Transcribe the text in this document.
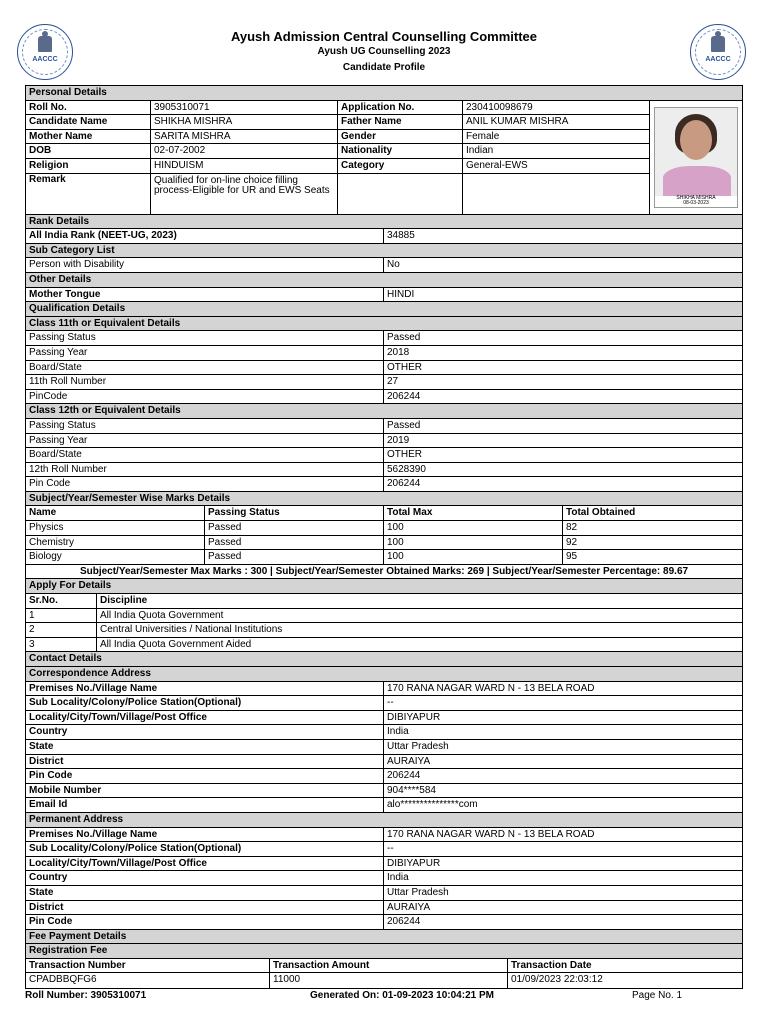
AACCC
Ayush Admission Central Counselling Committee
Ayush UG Counselling 2023
Candidate Profile
AACCC
Personal Details
Roll No.	3905310071	Application No.	230410098679
Candidate Name	SHIKHA MISHRA	Father Name	ANIL KUMAR MISHRA
Mother Name	SARITA MISHRA	Gender	Female
DOB	02-07-2002	Nationality	Indian
Religion	HINDUISM	Category	General-EWS
Remark	Qualified for on-line choice filling process-Eligible for UR and EWS Seats
SHIKHA MISHRA
08-03-2023
Rank Details
All India Rank (NEET-UG, 2023)	34885
Sub Category List
Person with Disability	No
Other Details
Mother Tongue	HINDI
Qualification Details
Class 11th or Equivalent Details
Passing Status	Passed
Passing Year	2018
Board/State	OTHER
11th Roll Number	27
PinCode	206244
Class 12th or Equivalent Details
Passing Status	Passed
Passing Year	2019
Board/State	OTHER
12th Roll Number	5628390
Pin Code	206244
Subject/Year/Semester Wise Marks Details
Name	Passing Status	Total Max	Total Obtained
Physics	Passed	100	82
Chemistry	Passed	100	92
Biology	Passed	100	95
Subject/Year/Semester Max Marks : 300 | Subject/Year/Semester Obtained Marks: 269 | Subject/Year/Semester Percentage: 89.67
Apply For Details
Sr.No.	Discipline
1	All India Quota Government
2	Central Universities / National Institutions
3	All India Quota Government Aided
Contact Details
Correspondence Address
Premises No./Village Name	170 RANA NAGAR WARD N - 13 BELA ROAD
Sub Locality/Colony/Police Station(Optional)	--
Locality/City/Town/Village/Post Office	DIBIYAPUR
Country	India
State	Uttar Pradesh
District	AURAIYA
Pin Code	206244
Mobile Number	904****584
Email Id	alo***************com
Permanent Address
Premises No./Village Name	170 RANA NAGAR WARD N - 13 BELA ROAD
Sub Locality/Colony/Police Station(Optional)	--
Locality/City/Town/Village/Post Office	DIBIYAPUR
Country	India
State	Uttar Pradesh
District	AURAIYA
Pin Code	206244
Fee Payment Details
Registration Fee
Transaction Number	Transaction Amount	Transaction Date
CPADBBQFG6	11000	01/09/2023 22:03:12
Roll Number: 3905310071	Generated On: 01-09-2023 10:04:21 PM	Page No. 1
